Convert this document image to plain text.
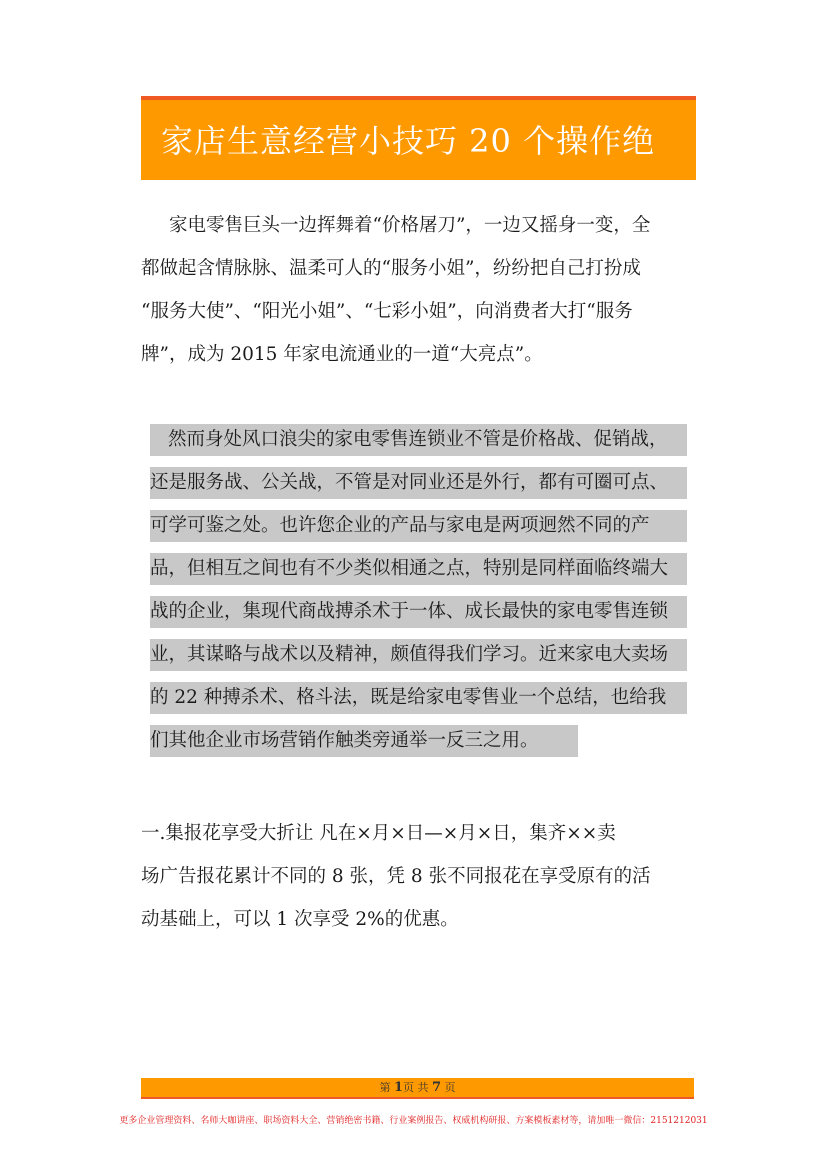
家店生意经营小技巧 20 个操作绝
家电零售巨头一边挥舞着“价格屠刀”，一边又摇身一变，全
都做起含情脉脉、温柔可人的“服务小姐”，纷纷把自己打扮成
“服务大使”、“阳光小姐”、“七彩小姐”，向消费者大打“服务
牌”，成为 2015 年家电流通业的一道“大亮点”。
然而身处风口浪尖的家电零售连锁业不管是价格战、促销战，
还是服务战、公关战，不管是对同业还是外行，都有可圈可点、
可学可鉴之处。也许您企业的产品与家电是两项迥然不同的产
品，但相互之间也有不少类似相通之点，特别是同样面临终端大
战的企业，集现代商战搏杀术于一体、成长最快的家电零售连锁
业，其谋略与战术以及精神，颇值得我们学习。近来家电大卖场
的 22 种搏杀术、格斗法，既是给家电零售业一个总结，也给我
们其他企业市场营销作触类旁通举一反三之用。
一.集报花享受大折让 凡在×月×日—×月×日，集齐××卖
场广告报花累计不同的 8 张，凭 8 张不同报花在享受原有的活
动基础上，可以 1 次享受 2%的优惠。
第 1页 共 7 页
更多企业管理资料、名师大咖讲座、职场资料大全、营销绝密书籍、行业案例报告、权威机构研报、方案模板素材等，请加唯一微信：2151212031
